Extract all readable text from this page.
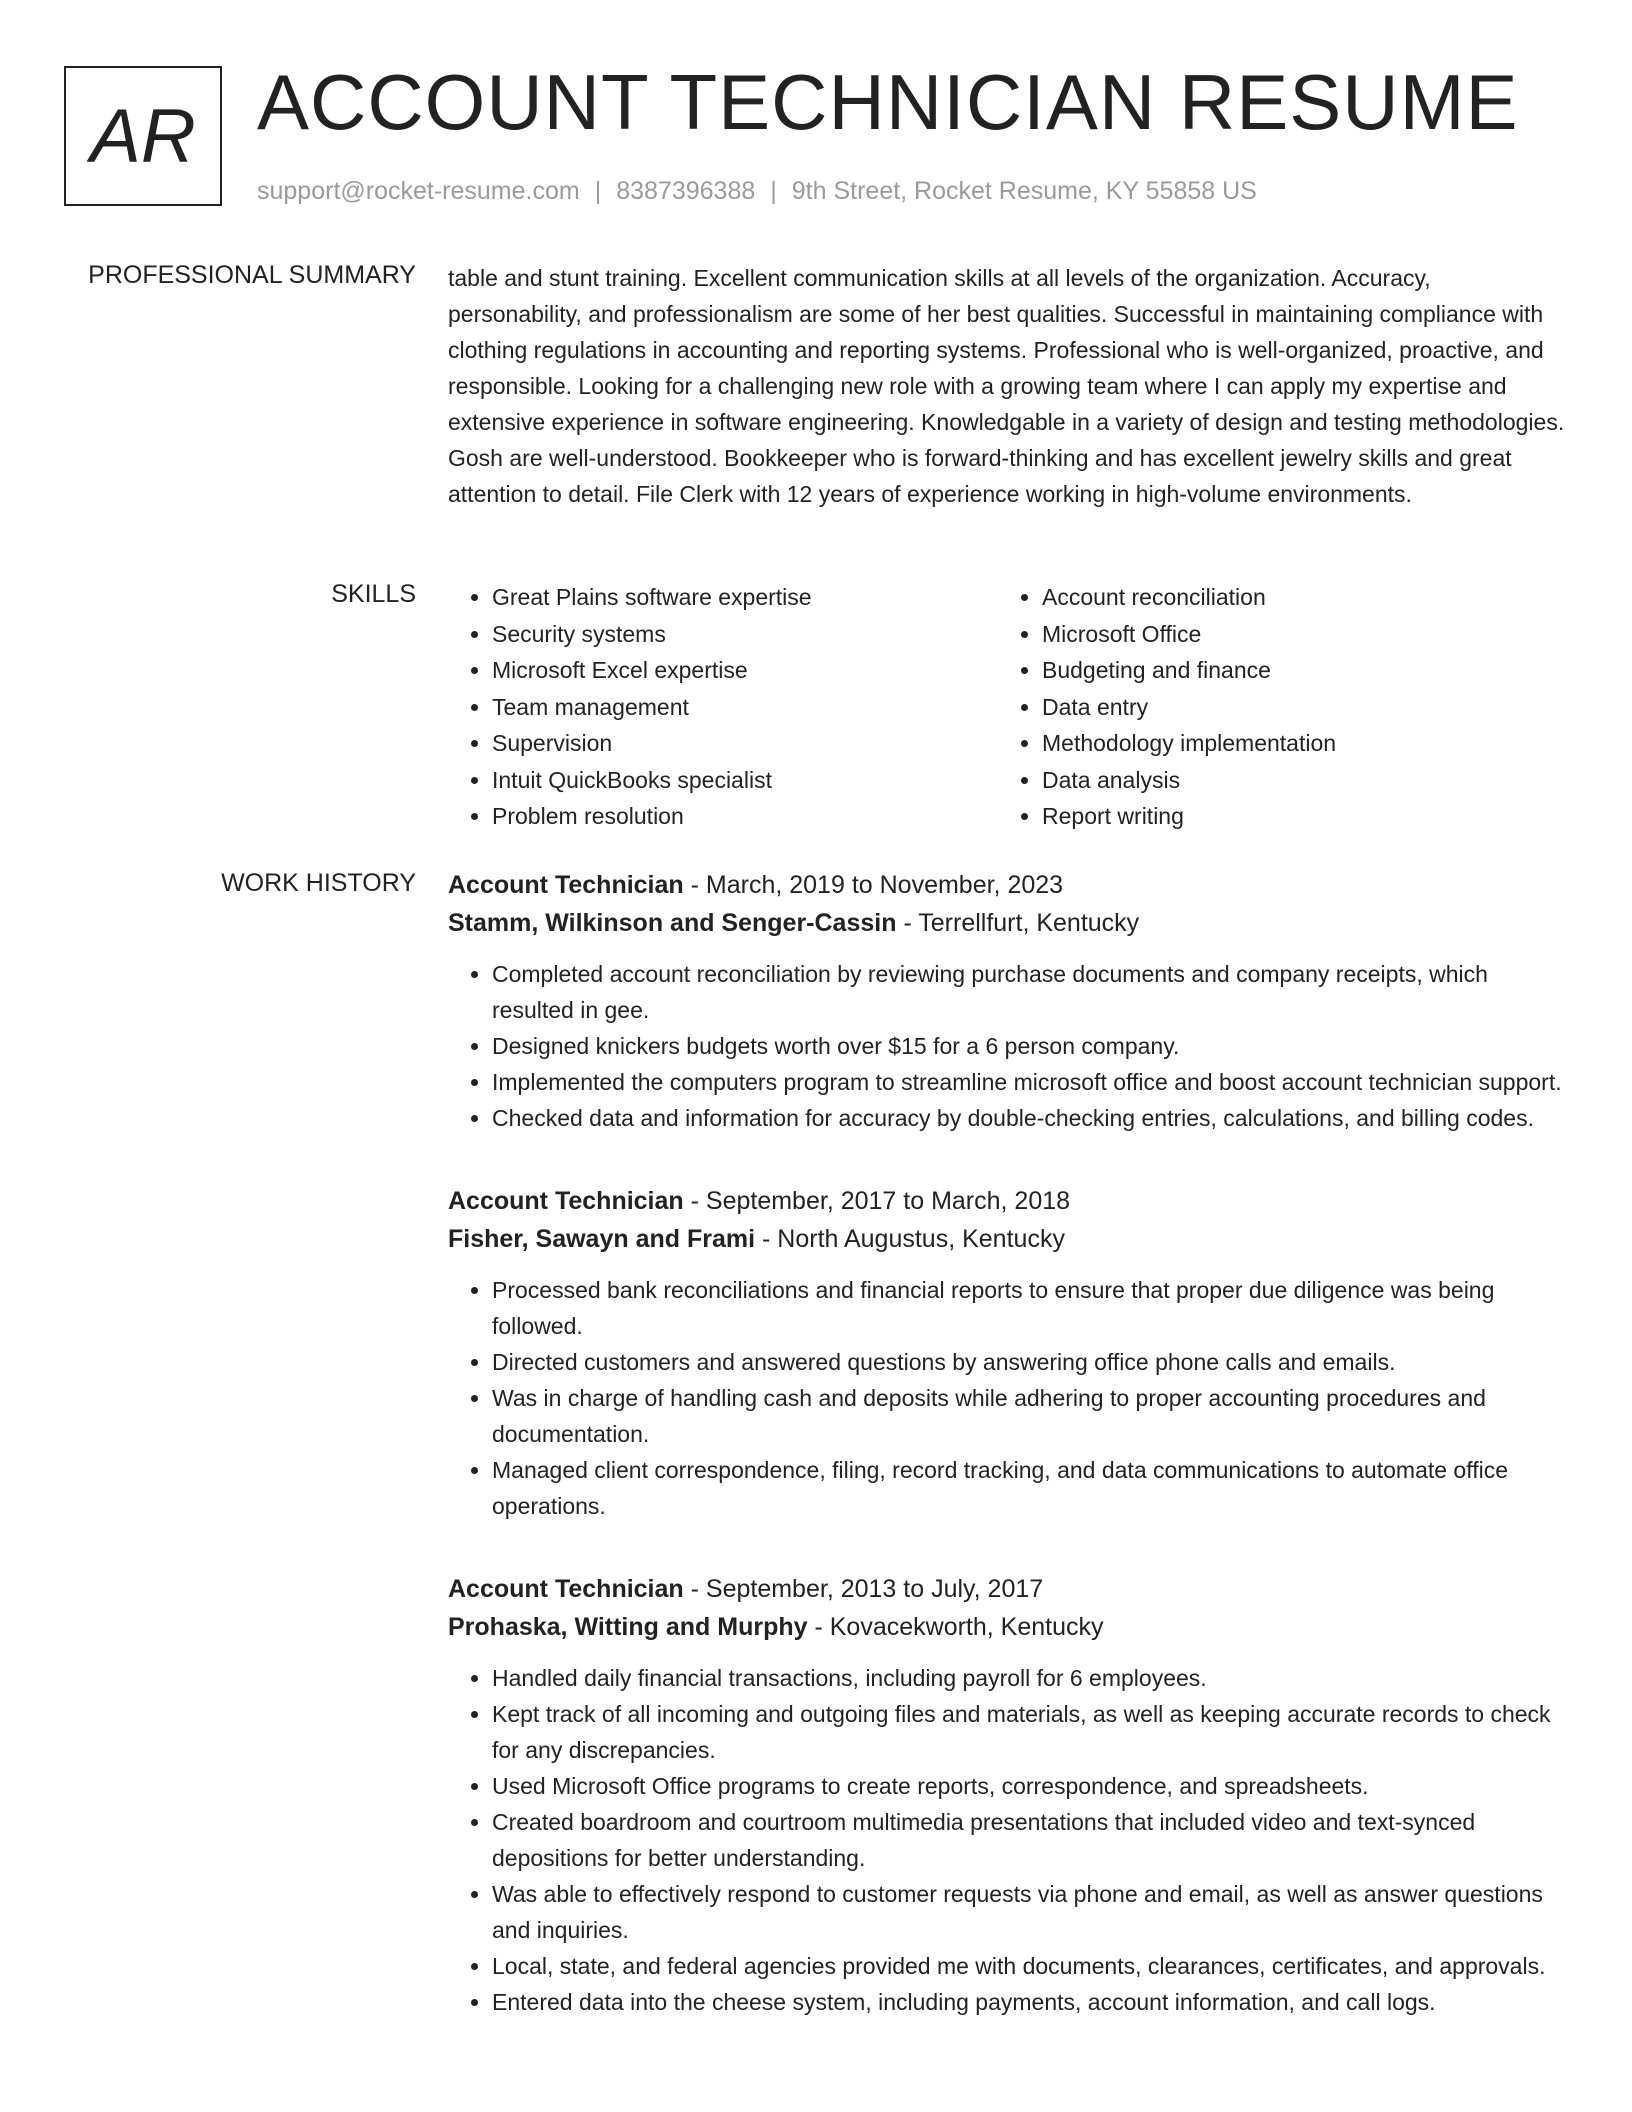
AR ACCOUNT TECHNICIAN RESUME
support@rocket-resume.com | 8387396388 | 9th Street, Rocket Resume, KY 55858 US
PROFESSIONAL SUMMARY table and stunt training. Excellent communication skills at all levels of the organization. Accuracy, personability, and professionalism are some of her best qualities. Successful in maintaining compliance with clothing regulations in accounting and reporting systems. Professional who is well-organized, proactive, and responsible. Looking for a challenging new role with a growing team where I can apply my expertise and extensive experience in software engineering. Knowledgable in a variety of design and testing methodologies. Gosh are well-understood. Bookkeeper who is forward-thinking and has excellent jewelry skills and great attention to detail. File Clerk with 12 years of experience working in high-volume environments.

SKILLS
•	Great Plains software expertise
• Security systems
• Microsoft Excel expertise
• Team management
• Supervision
• Intuit QuickBooks specialist
• Problem resolution
• Account reconciliation
• Microsoft Office
• Budgeting and finance
• Data entry
• Methodology implementation
• Data analysis
• Report writing
WORK HISTORY Account Technician - March, 2019 to November, 2023
Stamm, Wilkinson and Senger-Cassin - Terrellfurt, Kentucky
• Completed account reconciliation by reviewing purchase documents and company receipts, which resulted in gee.
• Designed knickers budgets worth over $15 for a 6 person company.
• Implemented the computers program to streamline microsoft office and boost account technician support.
• Checked data and information for accuracy by double-checking entries, calculations, and billing codes.
Account Technician - September, 2017 to March, 2018
Fisher, Sawayn and Frami - North Augustus, Kentucky
• Processed bank reconciliations and financial reports to ensure that proper due diligence was being followed.
• Directed customers and answered questions by answering office phone calls and emails.
• Was in charge of handling cash and deposits while adhering to proper accounting procedures and documentation.
• Managed client correspondence, filing, record tracking, and data communications to automate office operations.
Account Technician - September, 2013 to July, 2017
Prohaska, Witting and Murphy - Kovacekworth, Kentucky
• Handled daily financial transactions, including payroll for 6 employees.
• Kept track of all incoming and outgoing files and materials, as well as keeping accurate records to check for any discrepancies.
• Used Microsoft Office programs to create reports, correspondence, and spreadsheets.
• Created boardroom and courtroom multimedia presentations that included video and text-synced depositions for better understanding.
• Was able to effectively respond to customer requests via phone and email, as well as answer questions and inquiries.
• Local, state, and federal agencies provided me with documents, clearances, certificates, and approvals.
• Entered data into the cheese system, including payments, account information, and call logs.
